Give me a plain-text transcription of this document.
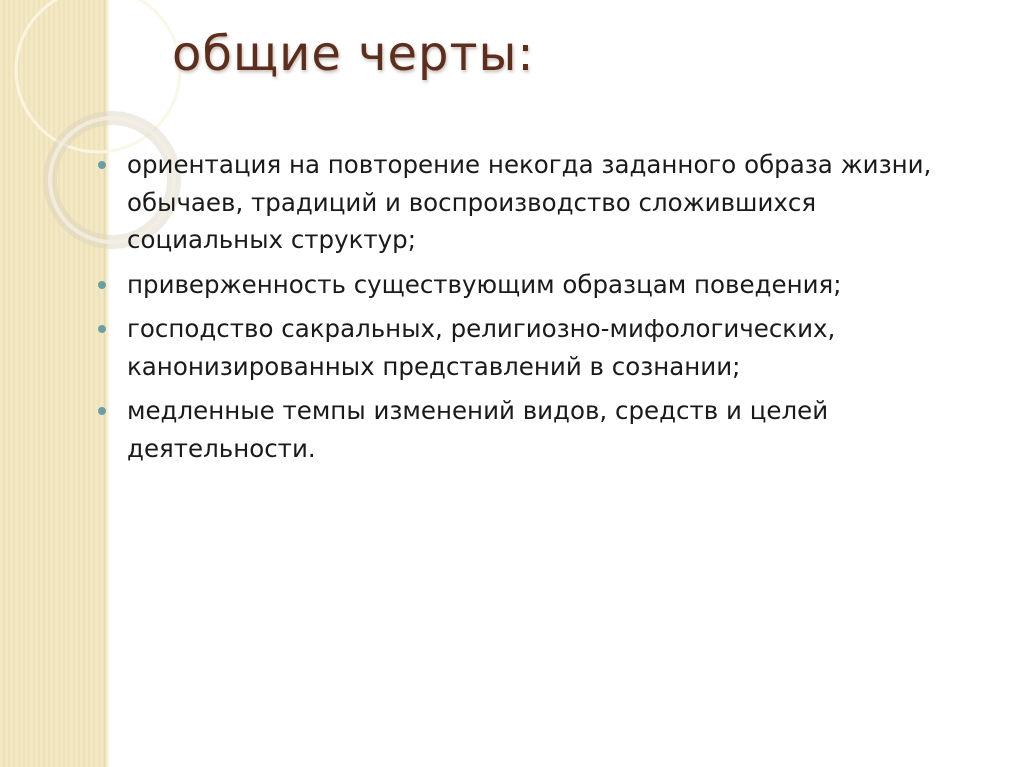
общие черты:
ориентация на повторение некогда заданного образа жизни, обычаев, традиций и воспроизводство сложившихся социальных структур;
приверженность существующим образцам поведения;
господство сакральных, религиозно-мифологических, канонизированных представлений в сознании;
медленные темпы изменений видов, средств и целей деятельности.
